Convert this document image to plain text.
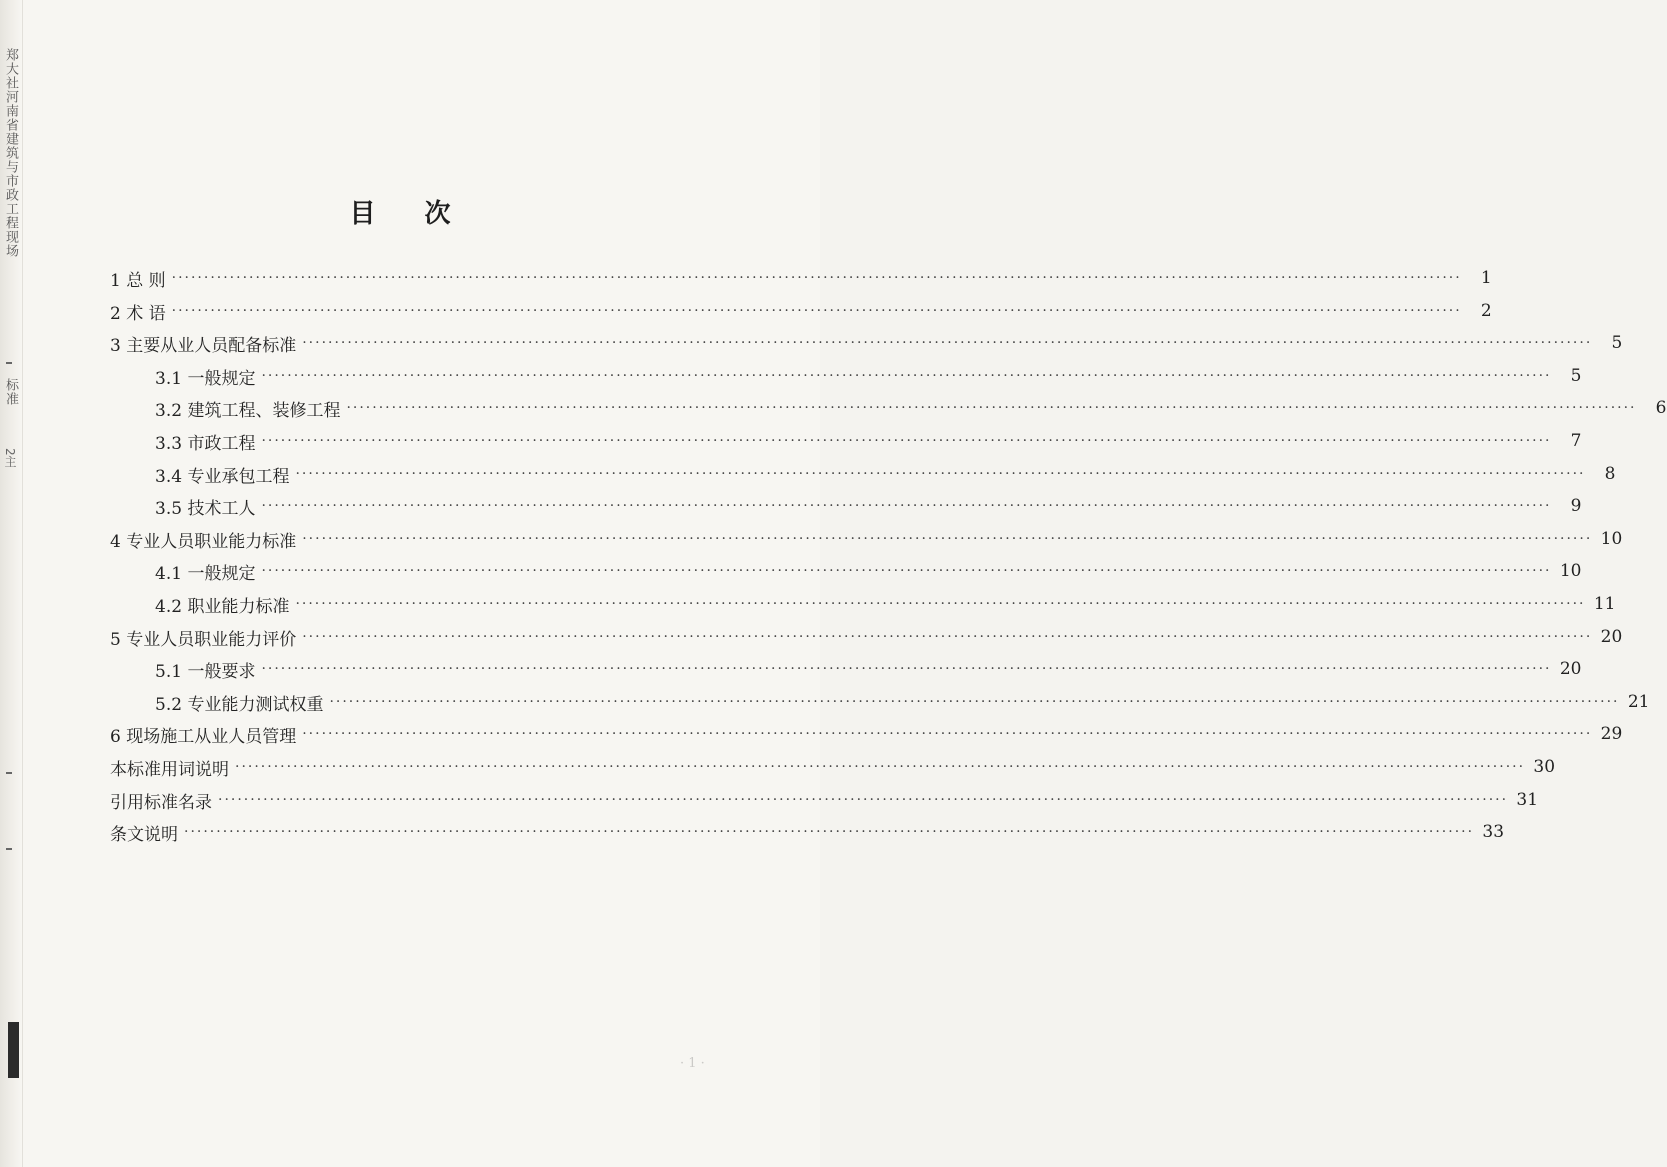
郑大社河南省建筑与市政工程现场
标准
2主
目 次
1 总 则 ········································································································································································································	1
2 术 语 ········································································································································································································	2
3 主要从业人员配备标准 ········································································································································································································	5
3.1 一般规定 ········································································································································································································	5
3.2 建筑工程、装修工程 ········································································································································································································	6
3.3 市政工程 ········································································································································································································	7
3.4 专业承包工程 ········································································································································································································	8
3.5 技术工人 ········································································································································································································	9
4 专业人员职业能力标准 ········································································································································································································ 10
4.1 一般规定 ········································································································································································································ 10
4.2 职业能力标准 ········································································································································································································ 11
5 专业人员职业能力评价 ········································································································································································································ 20
5.1 一般要求 ········································································································································································································ 20
5.2 专业能力测试权重 ········································································································································································································ 21
6 现场施工从业人员管理 ········································································································································································································ 29
本标准用词说明 ········································································································································································································ 30
引用标准名录 ········································································································································································································ 31
条文说明 ········································································································································································································ 33
· 1 ·
